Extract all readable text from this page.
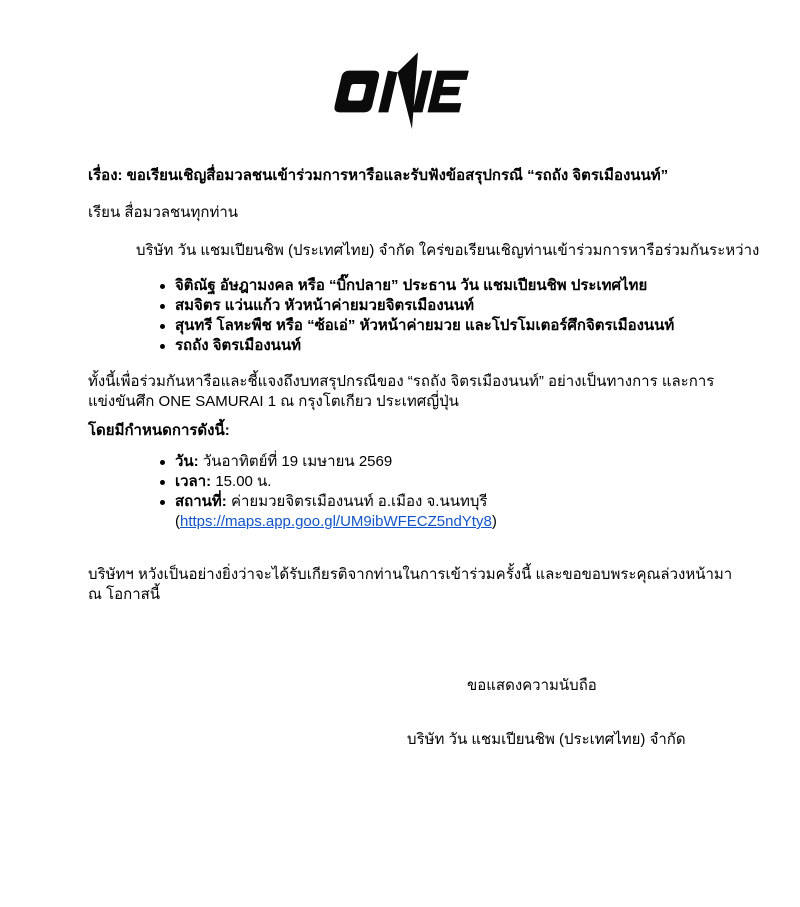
เรื่อง: ขอเรียนเชิญสื่อมวลชนเข้าร่วมการหารือและรับฟังข้อสรุปกรณี “รถถัง จิตรเมืองนนท์”
เรียน สื่อมวลชนทุกท่าน
บริษัท วัน แชมเปียนชิพ (ประเทศไทย) จำกัด ใคร่ขอเรียนเชิญท่านเข้าร่วมการหารือร่วมกันระหว่าง
จิติณัฐ อัษฎามงคล หรือ “บิ๊กปลาย” ประธาน วัน แชมเปียนชิพ ประเทศไทย
สมจิตร แว่นแก้ว หัวหน้าค่ายมวยจิตรเมืองนนท์
สุนทรี โลหะพืช หรือ “ซ้อเอ่” หัวหน้าค่ายมวย และโปรโมเตอร์ศึกจิตรเมืองนนท์
รถถัง จิตรเมืองนนท์
ทั้งนี้เพื่อร่วมกันหารือและชี้แจงถึงบทสรุปกรณีของ “รถถัง จิตรเมืองนนท์” อย่างเป็นทางการ และการแข่งขันศึก ONE SAMURAI 1 ณ กรุงโตเกียว ประเทศญี่ปุ่น
โดยมีกำหนดการดังนี้:
วัน: วันอาทิตย์ที่ 19 เมษายน 2569
เวลา: 15.00 น.
สถานที่: ค่ายมวยจิตรเมืองนนท์ อ.เมือง จ.นนทบุรี
(https://maps.app.goo.gl/UM9ibWFECZ5ndYty8)
บริษัทฯ หวังเป็นอย่างยิ่งว่าจะได้รับเกียรติจากท่านในการเข้าร่วมครั้งนี้ และขอขอบพระคุณล่วงหน้ามา ณ โอกาสนี้
ขอแสดงความนับถือ
บริษัท วัน แชมเปียนชิพ (ประเทศไทย) จำกัด
